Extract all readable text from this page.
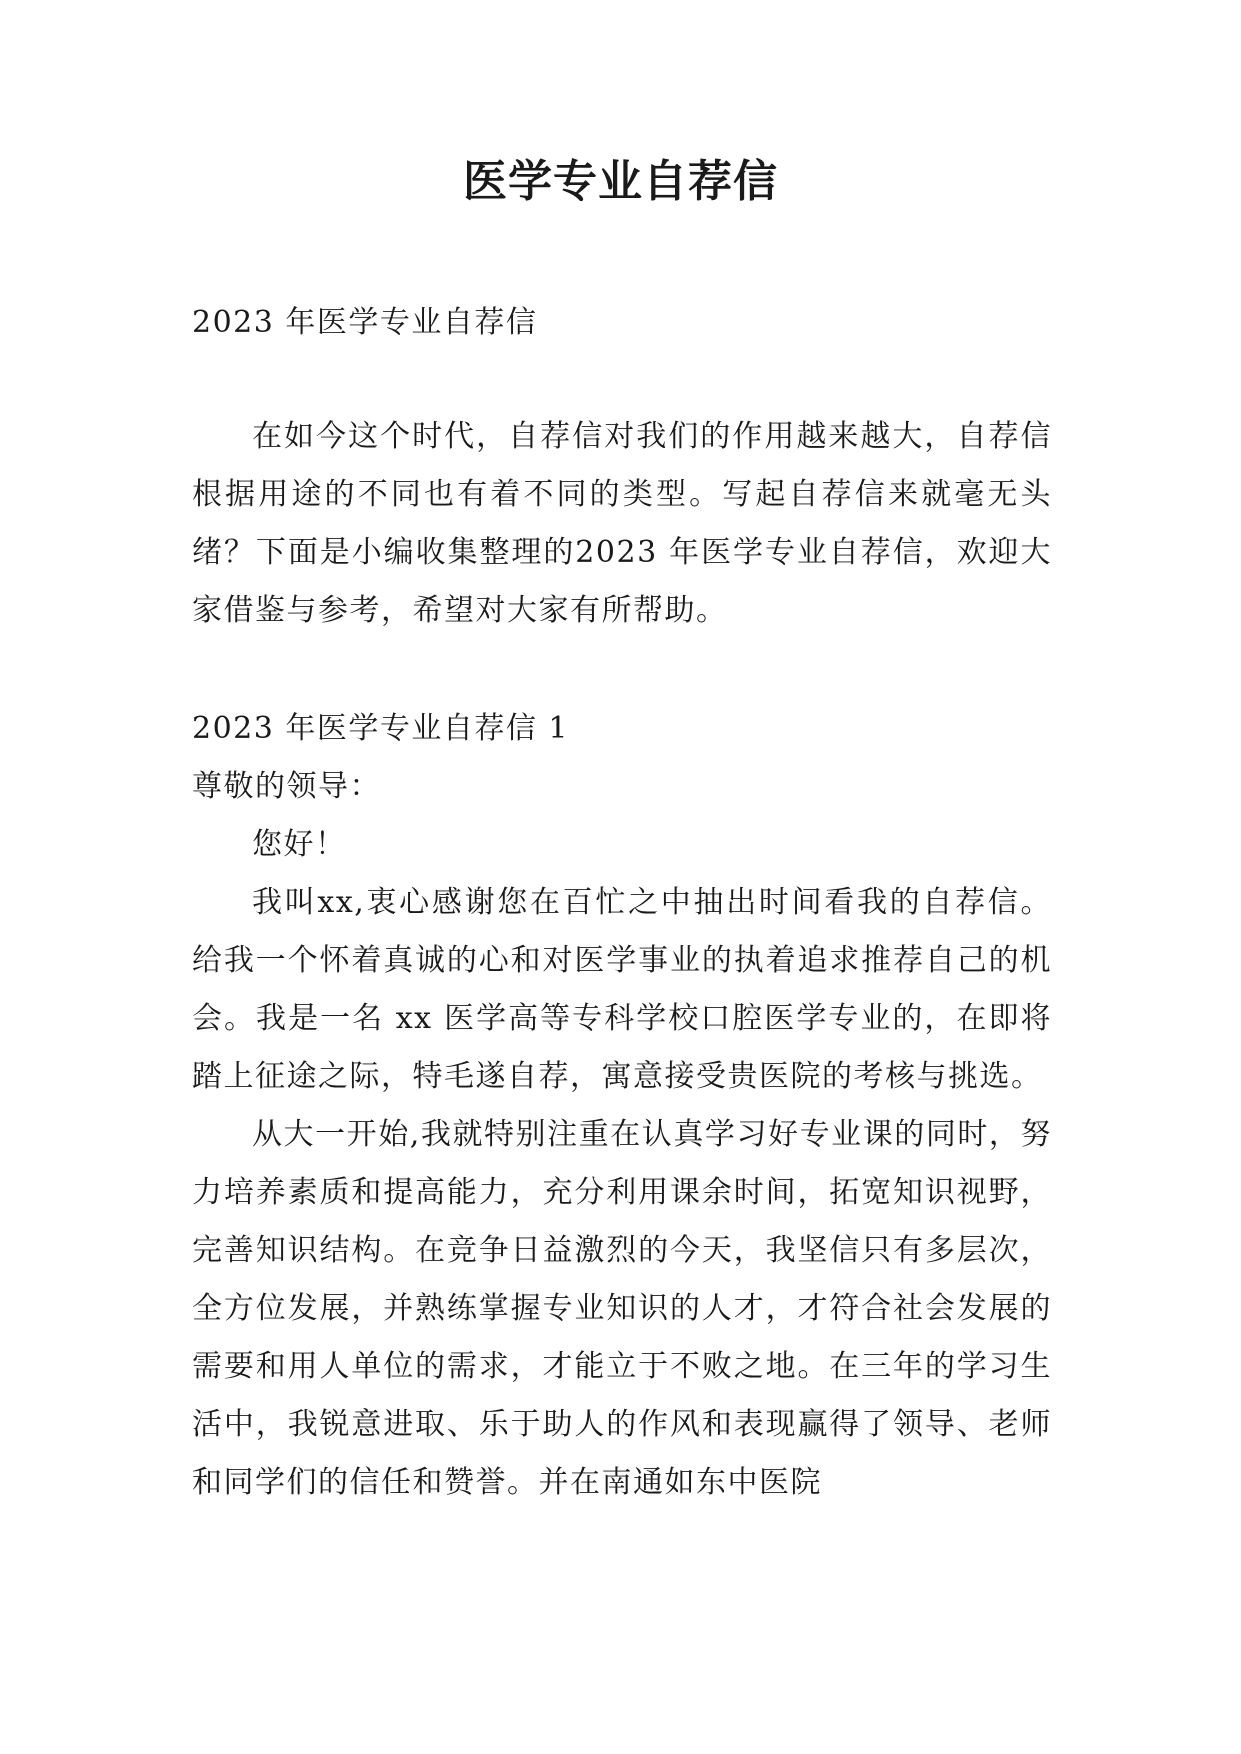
医学专业自荐信

2023 年医学专业自荐信

在如今这个时代，自荐信对我们的作用越来越大，自荐信根据用途的不同也有着不同的类型。写起自荐信来就毫无头绪？下面是小编收集整理的2023 年医学专业自荐信，欢迎大家借鉴与参考，希望对大家有所帮助。

2023 年医学专业自荐信 1

尊敬的领导：

您好！

我叫xx,衷心感谢您在百忙之中抽出时间看我的自荐信。给我一个怀着真诚的心和对医学事业的执着追求推荐自己的机会。我是一名 xx 医学高等专科学校口腔医学专业的，在即将踏上征途之际，特毛遂自荐，寓意接受贵医院的考核与挑选。

从大一开始,我就特别注重在认真学习好专业课的同时，努力培养素质和提高能力，充分利用课余时间，拓宽知识视野，完善知识结构。在竞争日益激烈的今天，我坚信只有多层次，全方位发展，并熟练掌握专业知识的人才，才符合社会发展的需要和用人单位的需求，才能立于不败之地。在三年的学习生活中，我锐意进取、乐于助人的作风和表现赢得了领导、老师和同学们的信任和赞誉。并在南通如东中医院
